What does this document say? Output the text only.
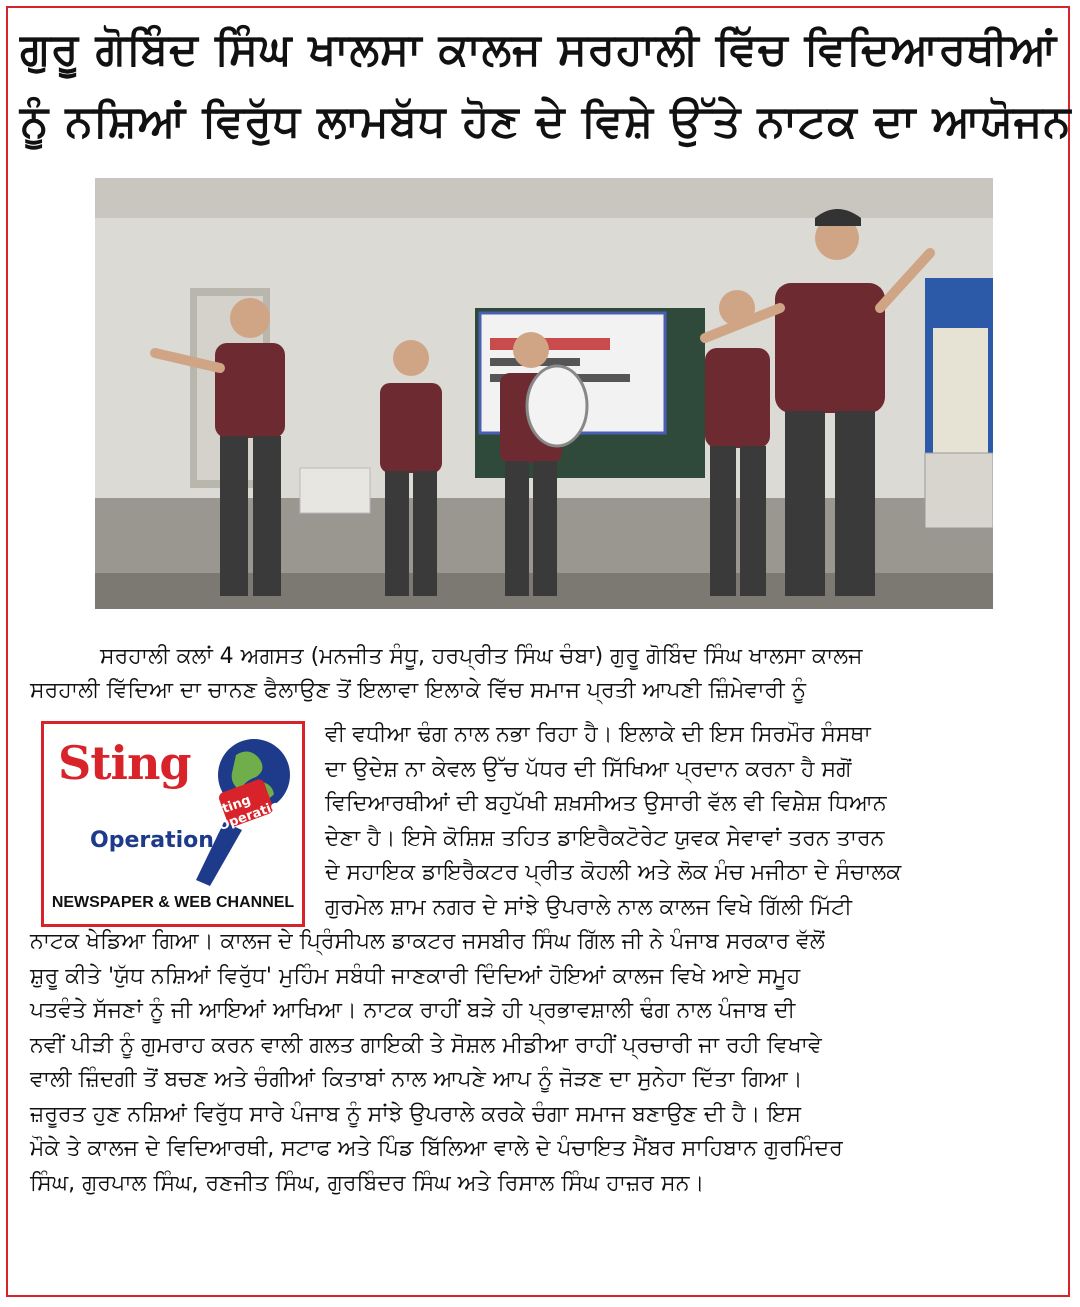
ਗੁਰੂ ਗੋਬਿੰਦ ਸਿੰਘ ਖਾਲਸਾ ਕਾਲਜ ਸਰਹਾਲੀ ਵਿੱਚ ਵਿਦਿਆਰਥੀਆਂ
ਨੂੰ ਨਸ਼ਿਆਂ ਵਿਰੁੱਧ ਲਾਮਬੱਧ ਹੋਣ ਦੇ ਵਿਸ਼ੇ ਉੱਤੇ ਨਾਟਕ ਦਾ ਆਯੋਜਨ
Sting
Sting Operation
Operation
NEWSPAPER & WEB CHANNEL
ਸਰਹਾਲੀ ਕਲਾਂ 4 ਅਗਸਤ (ਮਨਜੀਤ ਸੰਧੂ, ਹਰਪ੍ਰੀਤ ਸਿੰਘ ਚੰਬਾ) ਗੁਰੂ ਗੋਬਿੰਦ ਸਿੰਘ ਖਾਲਸਾ ਕਾਲਜ
ਸਰਹਾਲੀ ਵਿੱਦਿਆ ਦਾ ਚਾਨਣ ਫੈਲਾਉਣ ਤੋਂ ਇਲਾਵਾ ਇਲਾਕੇ ਵਿੱਚ ਸਮਾਜ ਪ੍ਰਤੀ ਆਪਣੀ ਜ਼ਿੰਮੇਵਾਰੀ ਨੂੰ
ਵੀ ਵਧੀਆ ਢੰਗ ਨਾਲ ਨਭਾ ਰਿਹਾ ਹੈ। ਇਲਾਕੇ ਦੀ ਇਸ ਸਿਰਮੌਰ ਸੰਸਥਾ
ਦਾ ਉਦੇਸ਼ ਨਾ ਕੇਵਲ ਉੱਚ ਪੱਧਰ ਦੀ ਸਿੱਖਿਆ ਪ੍ਰਦਾਨ ਕਰਨਾ ਹੈ ਸਗੋਂ
ਵਿਦਿਆਰਥੀਆਂ ਦੀ ਬਹੁਪੱਖੀ ਸ਼ਖ਼ਸੀਅਤ ਉਸਾਰੀ ਵੱਲ ਵੀ ਵਿਸ਼ੇਸ਼ ਧਿਆਨ
ਦੇਣਾ ਹੈ। ਇਸੇ ਕੋਸ਼ਿਸ਼ ਤਹਿਤ ਡਾਇਰੈਕਟੋਰੇਟ ਯੁਵਕ ਸੇਵਾਵਾਂ ਤਰਨ ਤਾਰਨ
ਦੇ ਸਹਾਇਕ ਡਾਇਰੈਕਟਰ ਪ੍ਰੀਤ ਕੋਹਲੀ ਅਤੇ ਲੋਕ ਮੰਚ ਮਜੀਠਾ ਦੇ ਸੰਚਾਲਕ
ਗੁਰਮੇਲ ਸ਼ਾਮ ਨਗਰ ਦੇ ਸਾਂਝੇ ਉਪਰਾਲੇ ਨਾਲ ਕਾਲਜ ਵਿਖੇ ਗਿੱਲੀ ਮਿੱਟੀ
ਨਾਟਕ ਖੇਡਿਆ ਗਿਆ। ਕਾਲਜ ਦੇ ਪ੍ਰਿੰਸੀਪਲ ਡਾਕਟਰ ਜਸਬੀਰ ਸਿੰਘ ਗਿੱਲ ਜੀ ਨੇ ਪੰਜਾਬ ਸਰਕਾਰ ਵੱਲੋਂ
ਸ਼ੁਰੂ ਕੀਤੇ 'ਯੁੱਧ ਨਸ਼ਿਆਂ ਵਿਰੁੱਧ' ਮੁਹਿੰਮ ਸਬੰਧੀ ਜਾਣਕਾਰੀ ਦਿੰਦਿਆਂ ਹੋਇਆਂ ਕਾਲਜ ਵਿਖੇ ਆਏ ਸਮੂਹ
ਪਤਵੰਤੇ ਸੱਜਣਾਂ ਨੂੰ ਜੀ ਆਇਆਂ ਆਖਿਆ। ਨਾਟਕ ਰਾਹੀਂ ਬੜੇ ਹੀ ਪ੍ਰਭਾਵਸ਼ਾਲੀ ਢੰਗ ਨਾਲ ਪੰਜਾਬ ਦੀ
ਨਵੀਂ ਪੀੜੀ ਨੂੰ ਗੁਮਰਾਹ ਕਰਨ ਵਾਲੀ ਗਲਤ ਗਾਇਕੀ ਤੇ ਸੋਸ਼ਲ ਮੀਡੀਆ ਰਾਹੀਂ ਪ੍ਰਚਾਰੀ ਜਾ ਰਹੀ ਵਿਖਾਵੇ
ਵਾਲੀ ਜ਼ਿੰਦਗੀ ਤੋਂ ਬਚਣ ਅਤੇ ਚੰਗੀਆਂ ਕਿਤਾਬਾਂ ਨਾਲ ਆਪਣੇ ਆਪ ਨੂੰ ਜੋੜਣ ਦਾ ਸੁਨੇਹਾ ਦਿੱਤਾ ਗਿਆ।
ਜ਼ਰੂਰਤ ਹੁਣ ਨਸ਼ਿਆਂ ਵਿਰੁੱਧ ਸਾਰੇ ਪੰਜਾਬ ਨੂੰ ਸਾਂਝੇ ਉਪਰਾਲੇ ਕਰਕੇ ਚੰਗਾ ਸਮਾਜ ਬਣਾਉਣ ਦੀ ਹੈ। ਇਸ
ਮੌਕੇ ਤੇ ਕਾਲਜ ਦੇ ਵਿਦਿਆਰਥੀ, ਸਟਾਫ ਅਤੇ ਪਿੰਡ ਬਿੱਲਿਆ ਵਾਲੇ ਦੇ ਪੰਚਾਇਤ ਮੈਂਬਰ ਸਾਹਿਬਾਨ ਗੁਰਮਿੰਦਰ
ਸਿੰਘ, ਗੁਰਪਾਲ ਸਿੰਘ, ਰਣਜੀਤ ਸਿੰਘ, ਗੁਰਬਿੰਦਰ ਸਿੰਘ ਅਤੇ ਰਿਸਾਲ ਸਿੰਘ ਹਾਜ਼ਰ ਸਨ।
